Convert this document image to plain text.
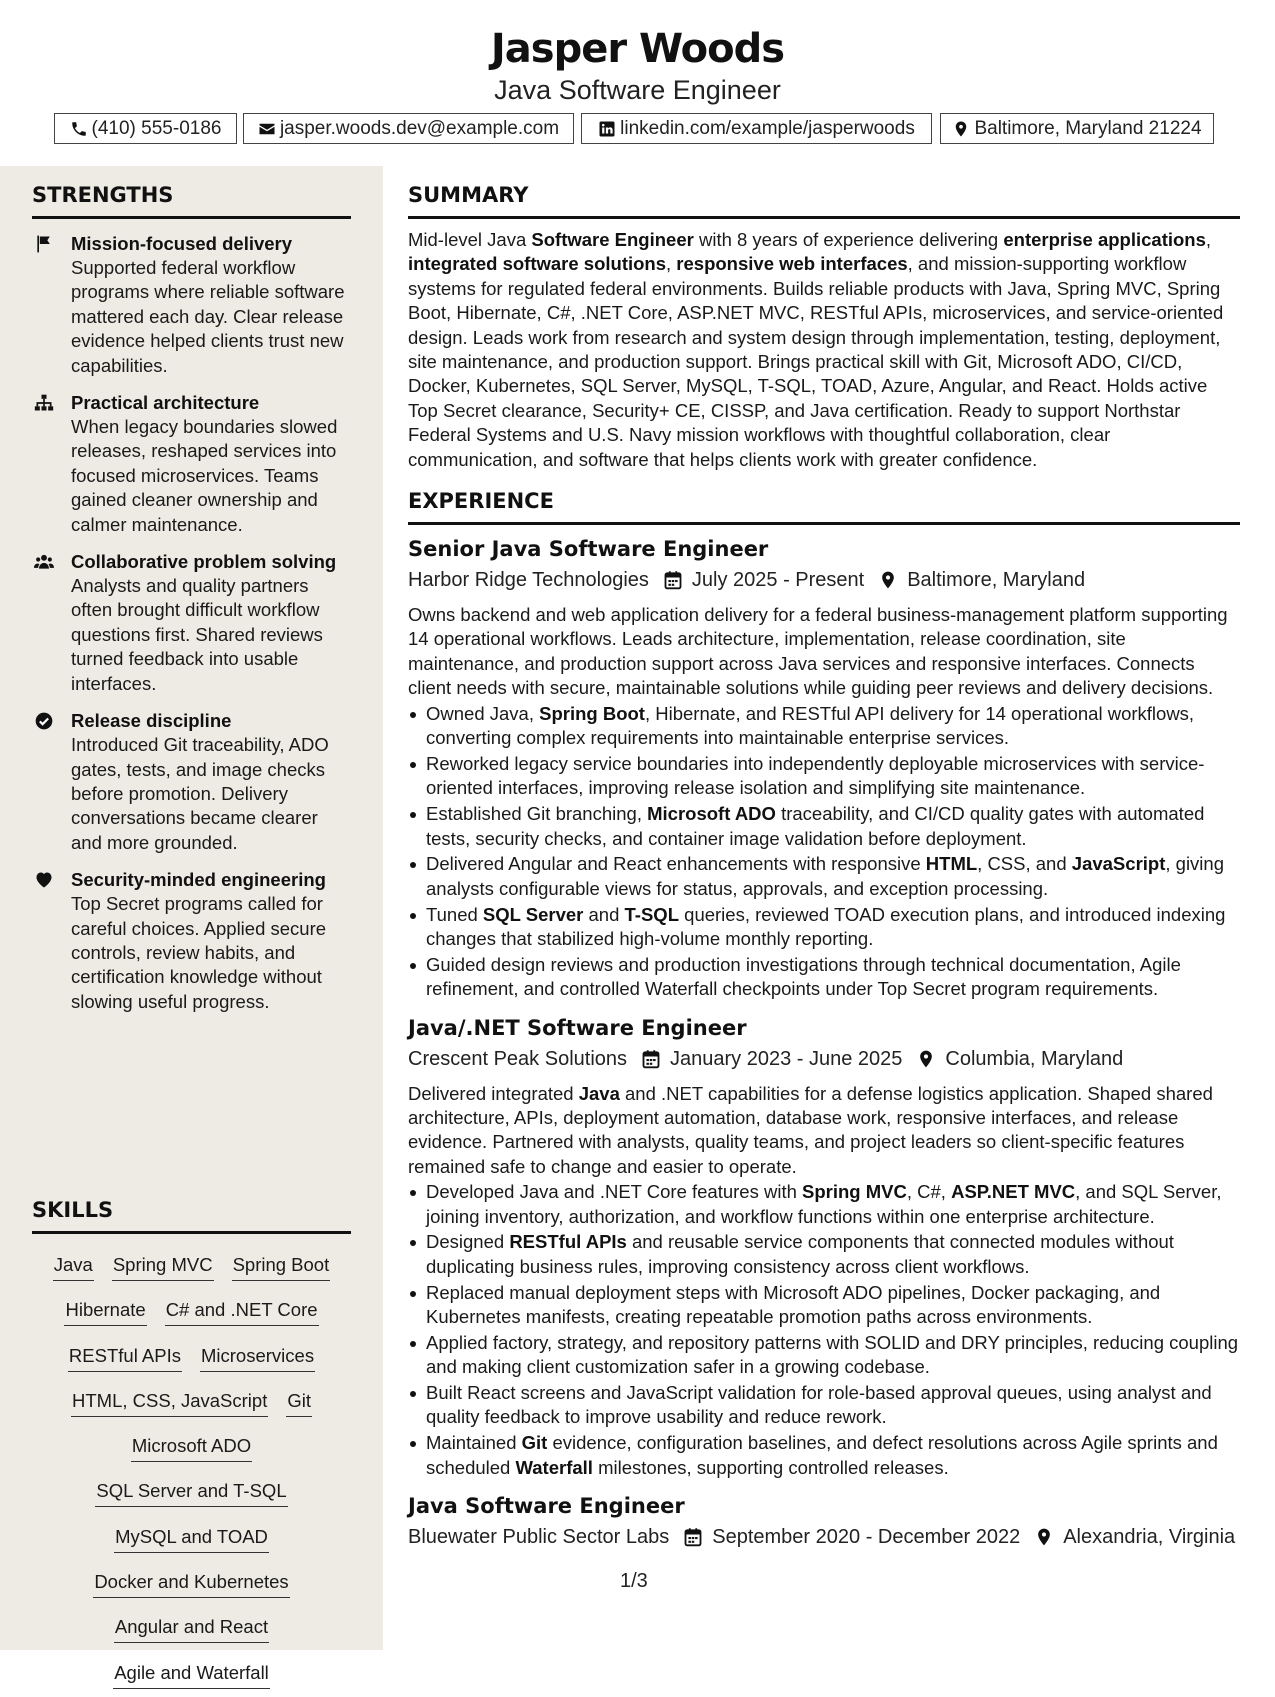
Jasper Woods
Java Software Engineer
(410) 555-0186	jasper.woods.dev@example.com	linkedin.com/example/jasperwoods	Baltimore, Maryland 21224
STRENGTHS
Mission-focused delivery
Supported federal workflow programs where reliable software mattered each day. Clear release evidence helped clients trust new capabilities.
Practical architecture
When legacy boundaries slowed releases, reshaped services into focused microservices. Teams gained cleaner ownership and calmer maintenance.
Collaborative problem solving
Analysts and quality partners often brought difficult workflow questions first. Shared reviews turned feedback into usable interfaces.
Release discipline
Introduced Git traceability, ADO gates, tests, and image checks before promotion. Delivery conversations became clearer and more grounded.
Security-minded engineering
Top Secret programs called for careful choices. Applied secure controls, review habits, and certification knowledge without slowing useful progress.
SKILLS
Java Spring MVC Spring Boot
Hibernate C# and .NET Core
RESTful APIs Microservices
HTML, CSS, JavaScript Git
Microsoft ADO
SQL Server and T-SQL
MySQL and TOAD
Docker and Kubernetes
Angular and React
Agile and Waterfall
SUMMARY
Mid-level Java Software Engineer with 8 years of experience delivering enterprise applications, integrated software solutions, responsive web interfaces, and mission-supporting workflow systems for regulated federal environments. Builds reliable products with Java, Spring MVC, Spring Boot, Hibernate, C#, .NET Core, ASP.NET MVC, RESTful APIs, microservices, and service-oriented design. Leads work from research and system design through implementation, testing, deployment, site maintenance, and production support. Brings practical skill with Git, Microsoft ADO, CI/CD, Docker, Kubernetes, SQL Server, MySQL, T-SQL, TOAD, Azure, Angular, and React. Holds active Top Secret clearance, Security+ CE, CISSP, and Java certification. Ready to support Northstar Federal Systems and U.S. Navy mission workflows with thoughtful collaboration, clear communication, and software that helps clients work with greater confidence.
EXPERIENCE
Senior Java Software Engineer
Harbor Ridge Technologies July 2025 - Present Baltimore, Maryland
Owns backend and web application delivery for a federal business-management platform supporting 14 operational workflows. Leads architecture, implementation, release coordination, site maintenance, and production support across Java services and responsive interfaces. Connects client needs with secure, maintainable solutions while guiding peer reviews and delivery decisions.
Owned Java, Spring Boot, Hibernate, and RESTful API delivery for 14 operational workflows, converting complex requirements into maintainable enterprise services.
Reworked legacy service boundaries into independently deployable microservices with service-oriented interfaces, improving release isolation and simplifying site maintenance.
Established Git branching, Microsoft ADO traceability, and CI/CD quality gates with automated tests, security checks, and container image validation before deployment.
Delivered Angular and React enhancements with responsive HTML, CSS, and JavaScript, giving analysts configurable views for status, approvals, and exception processing.
Tuned SQL Server and T-SQL queries, reviewed TOAD execution plans, and introduced indexing changes that stabilized high-volume monthly reporting.
Guided design reviews and production investigations through technical documentation, Agile refinement, and controlled Waterfall checkpoints under Top Secret program requirements.
Java/.NET Software Engineer
Crescent Peak Solutions January 2023 - June 2025 Columbia, Maryland
Delivered integrated Java and .NET capabilities for a defense logistics application. Shaped shared architecture, APIs, deployment automation, database work, responsive interfaces, and release evidence. Partnered with analysts, quality teams, and project leaders so client-specific features remained safe to change and easier to operate.
Developed Java and .NET Core features with Spring MVC, C#, ASP.NET MVC, and SQL Server, joining inventory, authorization, and workflow functions within one enterprise architecture.
Designed RESTful APIs and reusable service components that connected modules without duplicating business rules, improving consistency across client workflows.
Replaced manual deployment steps with Microsoft ADO pipelines, Docker packaging, and Kubernetes manifests, creating repeatable promotion paths across environments.
Applied factory, strategy, and repository patterns with SOLID and DRY principles, reducing coupling and making client customization safer in a growing codebase.
Built React screens and JavaScript validation for role-based approval queues, using analyst and quality feedback to improve usability and reduce rework.
Maintained Git evidence, configuration baselines, and defect resolutions across Agile sprints and scheduled Waterfall milestones, supporting controlled releases.
Java Software Engineer
Bluewater Public Sector Labs September 2020 - December 2022 Alexandria, Virginia
1/3
